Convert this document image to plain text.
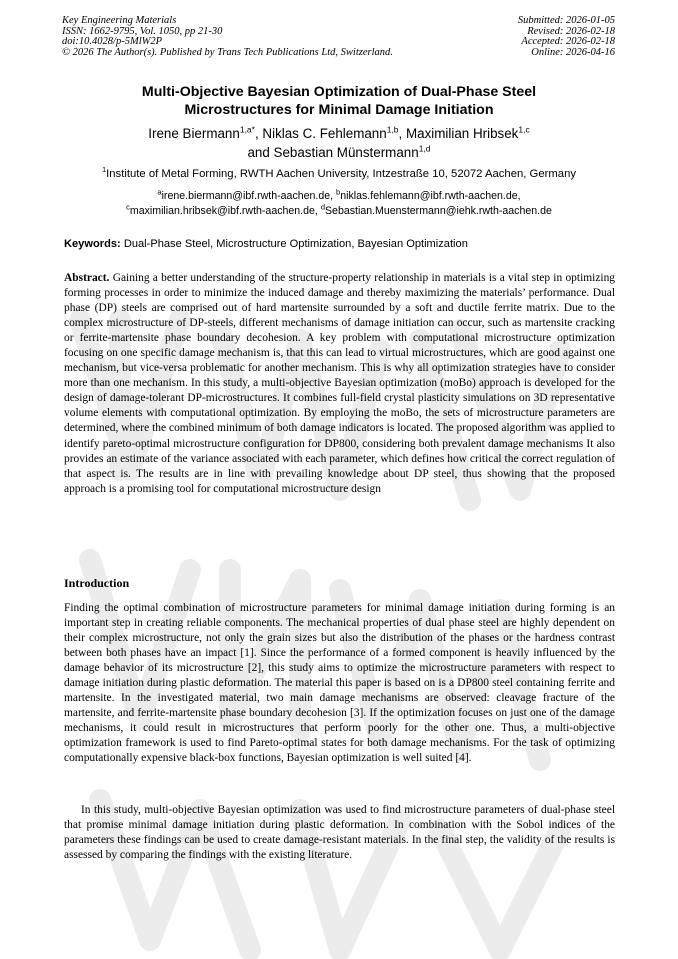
Key Engineering Materials
ISSN: 1662-9795, Vol. 1050, pp 21-30
doi:10.4028/p-5MlW2P
© 2026 The Author(s). Published by Trans Tech Publications Ltd, Switzerland.
Submitted: 2026-01-05
Revised: 2026-02-18
Accepted: 2026-02-18
Online: 2026-04-16
Multi-Objective Bayesian Optimization of Dual-Phase Steel
Microstructures for Minimal Damage Initiation
Irene Biermann$^{1,a*}$, Niklas C. Fehlemann$^{1,b}$, Maximilian Hribsek$^{1,c}$
and Sebastian Münstermann$^{1,d}$
$^1$Institute of Metal Forming, RWTH Aachen University, Intzestraße 10, 52072 Aachen, Germany
$^a$irene.biermann@ibf.rwth-aachen.de, $^b$niklas.fehlemann@ibf.rwth-aachen.de,
$^c$maximilian.hribsek@ibf.rwth-aachen.de, $^d$Sebastian.Muenstermann@iehk.rwth-aachen.de
Keywords: Dual-Phase Steel, Microstructure Optimization, Bayesian Optimization
Abstract. Gaining a better understanding of the structure-property relationship in materials is a vital step in optimizing forming processes in order to minimize the induced damage and thereby maximizing the materials’ performance. Dual phase (DP) steels are comprised out of hard martensite surrounded by a soft and ductile ferrite matrix. Due to the complex microstructure of DP-steels, different mechanisms of damage initiation can occur, such as martensite cracking or ferrite-martensite phase boundary decohesion. A key problem with computational microstructure optimization focusing on one specific damage mechanism is, that this can lead to virtual microstructures, which are good against one mechanism, but vice-versa problematic for another mechanism. This is why all optimization strategies have to consider more than one mechanism. In this study, a multi-objective Bayesian optimization (moBo) approach is developed for the design of damage-tolerant DP-microstructures. It combines full-field crystal plasticity simulations on 3D representative volume elements with computational optimization. By employing the moBo, the sets of microstructure parameters are determined, where the combined minimum of both damage indicators is located. The proposed algorithm was applied to identify pareto-optimal microstructure configuration for DP800, considering both prevalent damage mechanisms It also provides an estimate of the variance associated with each parameter, which defines how critical the correct regulation of that aspect is. The results are in line with prevailing knowledge about DP steel, thus showing that the proposed approach is a promising tool for computational microstructure design
Introduction
Finding the optimal combination of microstructure parameters for minimal damage initiation during forming is an important step in creating reliable components. The mechanical properties of dual phase steel are highly dependent on their complex microstructure, not only the grain sizes but also the distribution of the phases or the hardness contrast between both phases have an impact [1]. Since the performance of a formed component is heavily influenced by the damage behavior of its microstructure [2], this study aims to optimize the microstructure parameters with respect to damage initiation during plastic deformation. The material this paper is based on is a DP800 steel containing ferrite and martensite. In the investigated material, two main damage mechanisms are observed: cleavage fracture of the martensite, and ferrite-martensite phase boundary decohesion [3]. If the optimization focuses on just one of the damage mechanisms, it could result in microstructures that perform poorly for the other one. Thus, a multi-objective optimization framework is used to find Pareto-optimal states for both damage mechanisms. For the task of optimizing computationally expensive black-box functions, Bayesian optimization is well suited [4].
In this study, multi-objective Bayesian optimization was used to find microstructure parameters of dual-phase steel that promise minimal damage initiation during plastic deformation. In combination with the Sobol indices of the parameters these findings can be used to create damage-resistant materials. In the final step, the validity of the results is assessed by comparing the findings with the existing literature.
